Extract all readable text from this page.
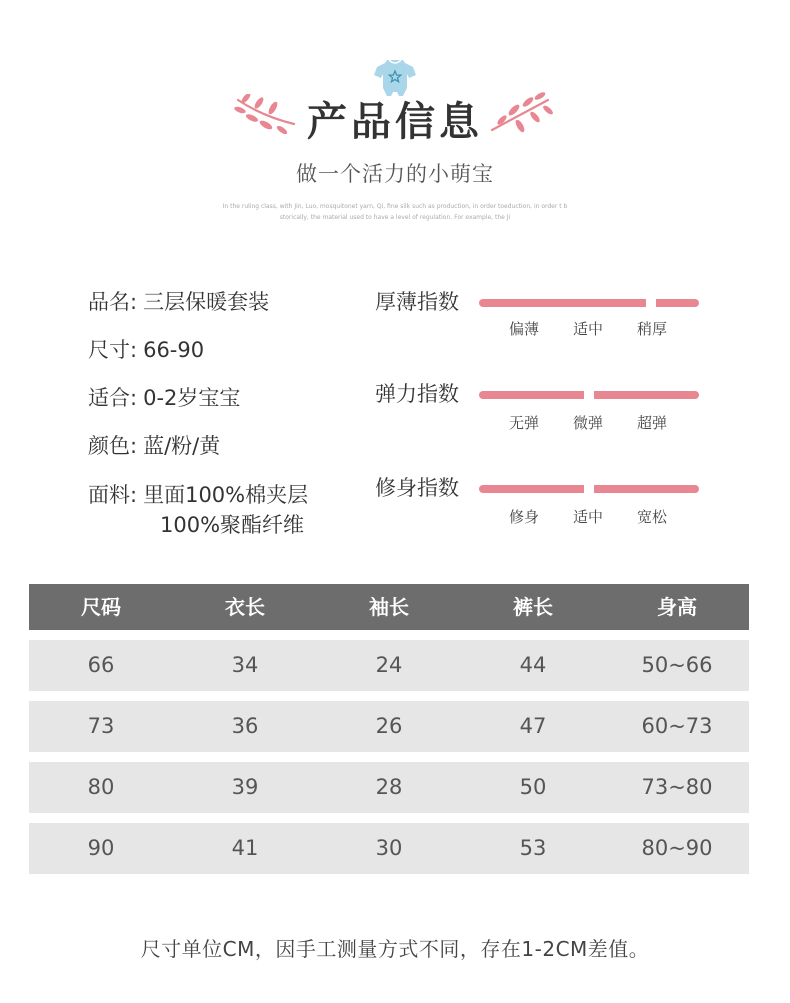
产品信息
做一个活力的小萌宝
In the ruling class, with Jin, Luo, mosquitonet yarn, Qi, fine silk such as production, in order toeduction, in order t b
storically, the material used to have a level of regulation. For example, the Ji
品名: 三层保暖套装
尺寸: 66-90
适合: 0-2岁宝宝
颜色: 蓝/粉/黄
面料: 里面100%棉夹层
100%聚酯纤维
厚薄指数
偏薄 适中 稍厚
弹力指数
无弹 微弹 超弹
修身指数
修身 适中 宽松
尺码	衣长	袖长	裤长	身高
66	34	24	44	50~66
73	36	26	47	60~73
80	39	28	50	73~80
90	41	30	53	80~90
尺寸单位CM，因手工测量方式不同，存在1-2CM差值。
